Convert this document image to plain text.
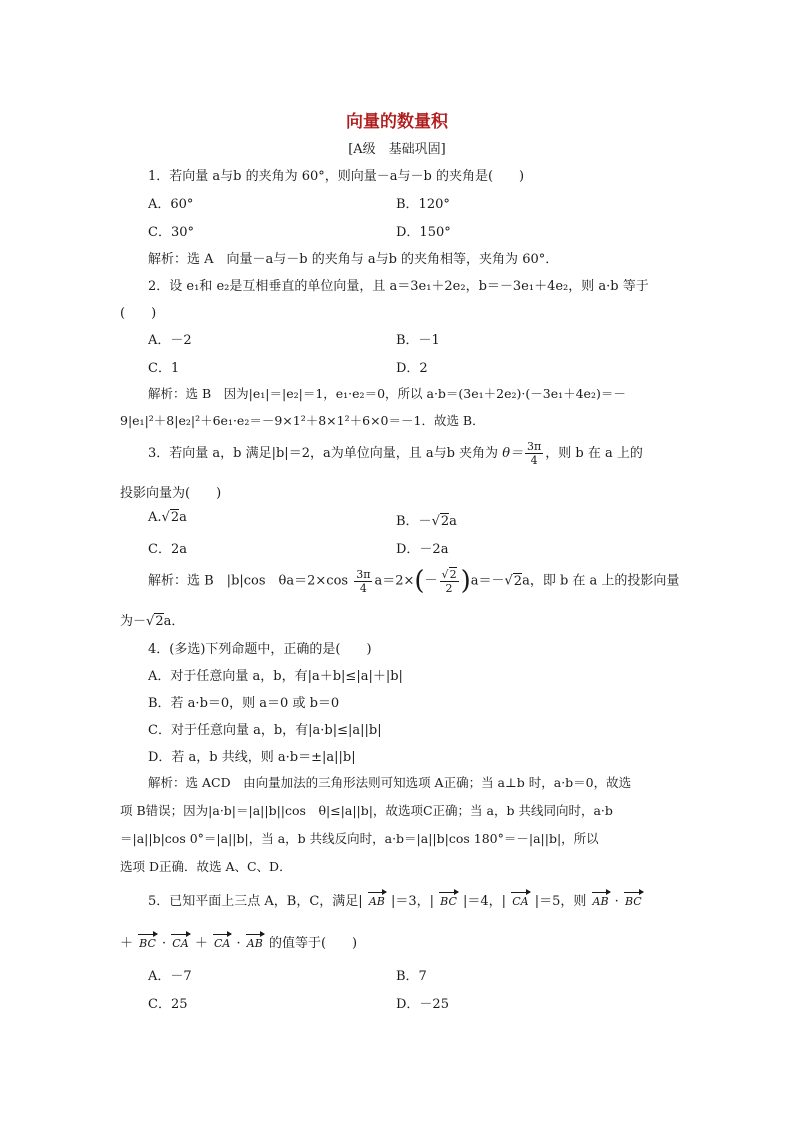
向量的数量积
[A级　基础巩固]
1．若向量 a与b 的夹角为 60°，则向量－a与－b 的夹角是(　　)
A．60°	B．120°
C．30°	D．150°
解析：选 A　向量－a与－b 的夹角与 a与b 的夹角相等，夹角为 60°．
2．设 e₁和 e₂是互相垂直的单位向量，且 a＝3e₁＋2e₂，b＝－3e₁＋4e₂，则 a·b 等于
(　　)
A．－2	B．－1
C．1	D．2
解析：选 B　因为|e₁|＝|e₂|＝1，e₁·e₂＝0，所以 a·b＝(3e₁＋2e₂)·(－3e₁＋4e₂)＝－
9|e₁|²＋8|e₂|²＋6e₁·e₂＝－9×1²＋8×1²＋6×0＝－1．故选 B．
3．若向量 a，b 满足|b|＝2，a为单位向量，且 a与b 夹角为 $\theta= \frac{3\pi}{4}$ ，则 b 在 a 上的
投影向量为(　　)
A.√2a	B．－√2a
C．2a	D．－2a
解析：选 B　|b|cos　$\theta a=2\times\cos \frac{3\pi}{4} a=2\times(- \frac{√2}{2} )a=-√2a$，即 b 在 a 上的投影向量
为－√2a．
4．(多选)下列命题中，正确的是(　　)
A．对于任意向量 a，b，有|a＋b|≤|a|＋|b|
B．若 a·b＝0，则 a＝0 或 b＝0
C．对于任意向量 a，b，有|a·b|≤|a||b|
D．若 a，b 共线，则 a·b＝±|a||b|
解析：选 ACD　由向量加法的三角形法则可知选项 A正确；当 a⊥b 时，a·b＝0，故选
项 B错误；因为|a·b|＝|a||b||cos　θ|≤|a||b|，故选项C正确；当 a，b 共线同向时，a·b
＝|a||b|cos 0°＝|a||b|，当 a，b 共线反向时，a·b＝|a||b|cos 180°＝－|a||b|，所以
选项 D正确．故选 A、C、D．
5．已知平面上三点 A，B，C，满足| AB |＝3，| BC |＝4，| CA |＝5，则 AB · BC
＋ BC · CA ＋ CA · AB 的值等于(　　)
A．－7	B．7
C．25	D．－25
